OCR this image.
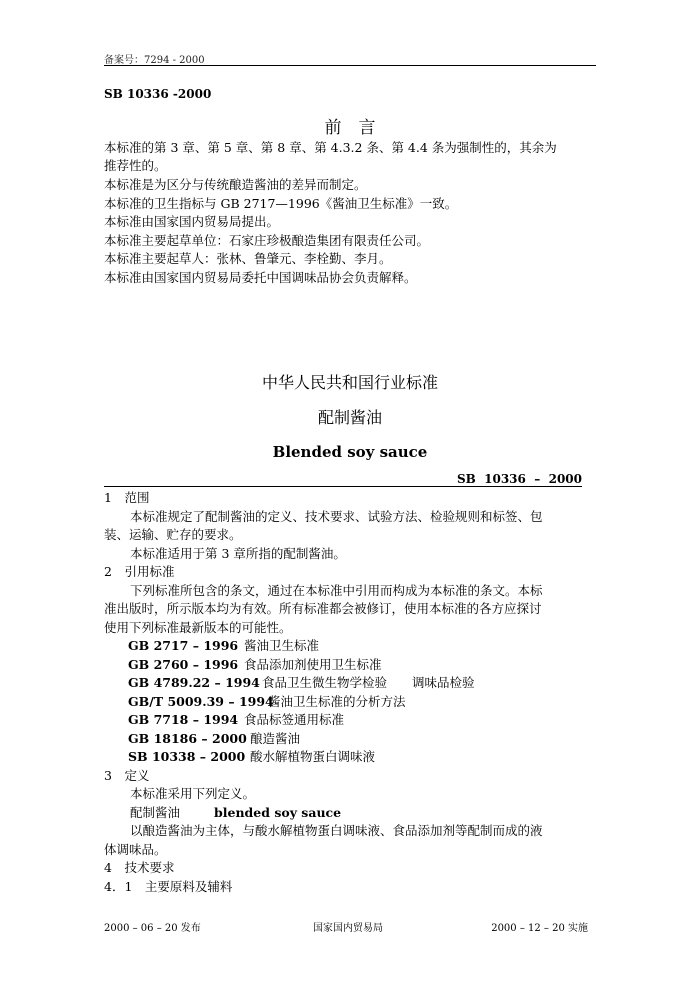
备案号：7294 - 2000
SB 10336 -2000
前　言
本标准的第 3 章、第 5 章、第 8 章、第 4.3.2 条、第 4.4 条为强制性的，其余为
推荐性的。
本标准是为区分与传统酿造酱油的差异而制定。
本标准的卫生指标与 GB 2717—1996《酱油卫生标准》一致。
本标准由国家国内贸易局提出。
本标准主要起草单位：石家庄珍极酿造集团有限责任公司。
本标准主要起草人：张林、鲁肇元、李栓勤、李月。
本标准由国家国内贸易局委托中国调味品协会负责解释。
中华人民共和国行业标准
配制酱油
Blended soy sauce
SB  10336  –  2000
1　范围
本标准规定了配制酱油的定义、技术要求、试验方法、检验规则和标签、包
装、运输、贮存的要求。
本标准适用于第 3 章所指的配制酱油。
2　引用标准
下列标准所包含的条文，通过在本标准中引用而构成为本标准的条文。本标
准出版时，所示版本均为有效。所有标准都会被修订，使用本标准的各方应探讨
使用下列标准最新版本的可能性。
GB 2717 – 1996 酱油卫生标准
GB 2760 – 1996 食品添加剂使用卫生标准
GB 4789.22 – 1994 食品卫生微生物学检验　　调味品检验
GB/T 5009.39 – 1994酱油卫生标准的分析方法
GB 7718 – 1994 食品标签通用标准
GB 18186 – 2000 酿造酱油
SB 10338 – 2000 酸水解植物蛋白调味液
3　定义
本标准采用下列定义。
配制酱油	blended soy sauce
以酿造酱油为主体，与酸水解植物蛋白调味液、食品添加剂等配制而成的液
体调味品。
4　技术要求
4．1　主要原料及辅料
2000 – 06 – 20 发布	国家国内贸易局	2000 – 12 – 20 实施
